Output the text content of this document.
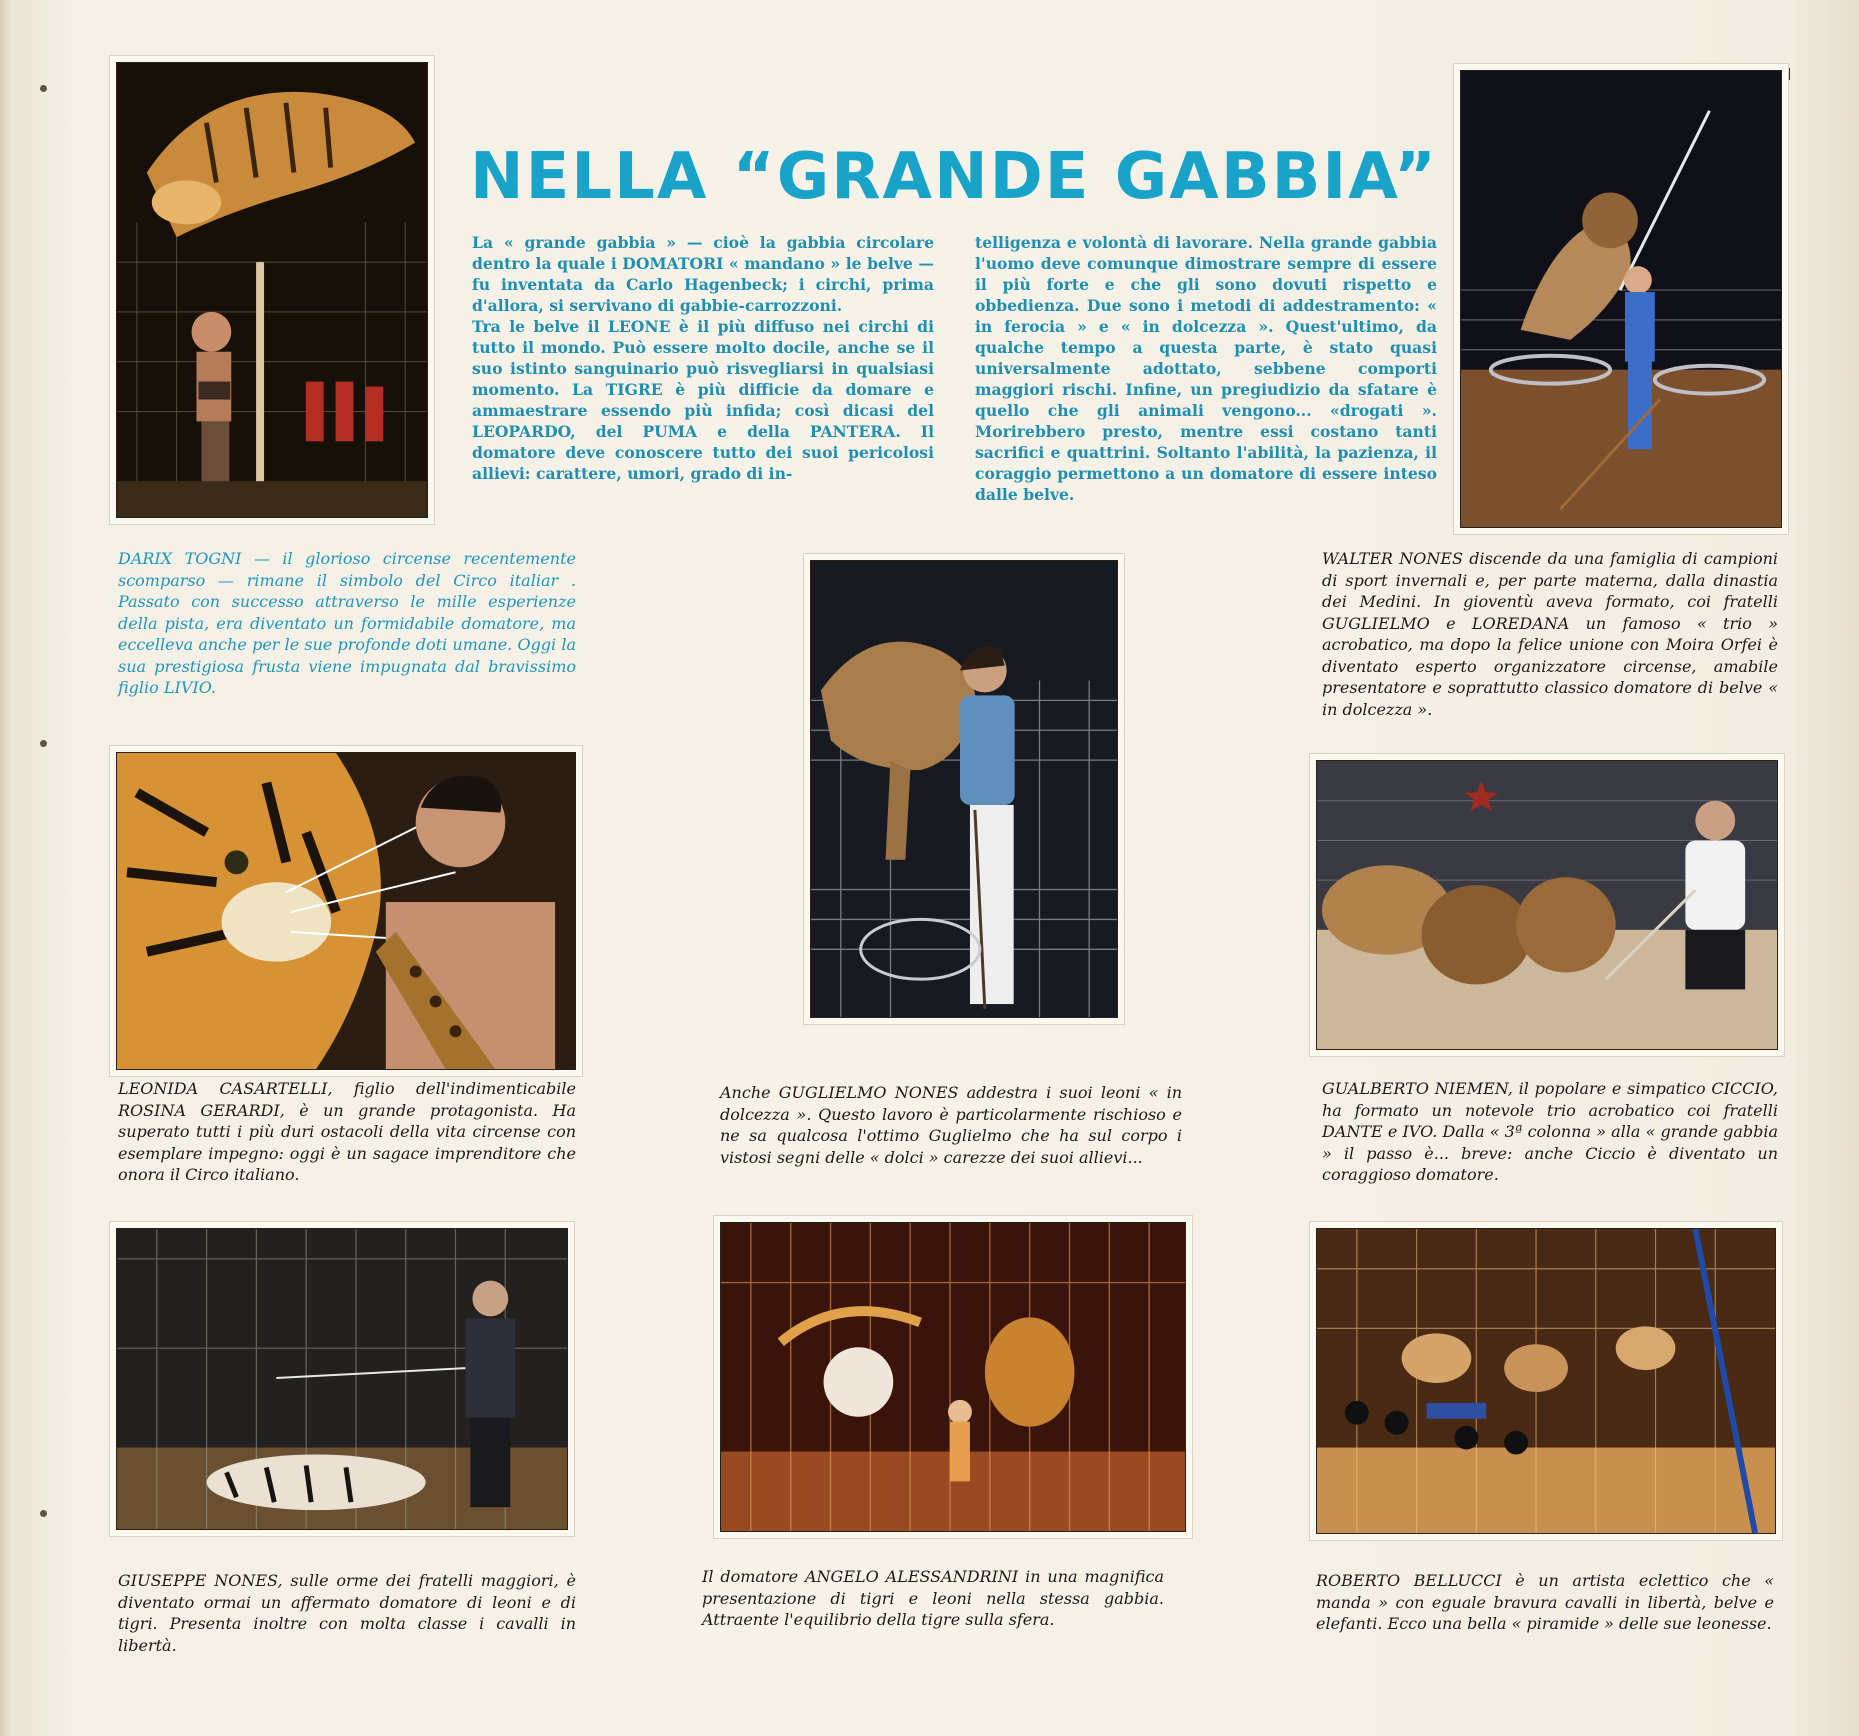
NELLA “GRANDE GABBIA”

La « grande gabbia » — cioè la gabbia circolare dentro la quale i DOMATORI « mandano » le belve — fu inventata da Carlo Hagenbeck; i circhi, prima d'allora, si servivano di gabbie-carrozzoni.

Tra le belve il LEONE è il più diffuso nei circhi di tutto il mondo. Può essere molto docile, anche se il suo istinto sanguinario può risvegliarsi in qualsiasi momento. La TIGRE è più difficie da domare e ammaestrare essendo più infida; così dicasi del LEOPARDO, del PUMA e della PANTERA. Il domatore deve conoscere tutto dei suoi pericolosi allievi: carattere, umori, grado di in-

telligenza e volontà di lavorare. Nella grande gabbia l'uomo deve comunque dimostrare sempre di essere il più forte e che gli sono dovuti rispetto e obbedienza. Due sono i metodi di addestramento: « in ferocia » e « in dolcezza ». Quest'ultimo, da qualche tempo a questa parte, è stato quasi universalmente adottato, sebbene comporti maggiori rischi. Infine, un pregiudizio da sfatare è quello che gli animali vengono... «drogati ». Morirebbero presto, mentre essi costano tanti sacrifici e quattrini. Soltanto l'abilità, la pazienza, il coraggio permettono a un domatore di essere inteso dalle belve.

DARIX TOGNI — il glorioso circense recentemente scomparso — rimane il simbolo del Circo italiar . Passato con successo attraverso le mille esperienze della pista, era diventato un formidabile domatore, ma eccelleva anche per le sue profonde doti umane. Oggi la sua prestigiosa frusta viene impugnata dal bravissimo figlio LIVIO.
WALTER NONES discende da una famiglia di campioni di sport invernali e, per parte materna, dalla dinastia dei Medini. In gioventù aveva formato, coi fratelli GUGLIELMO e LOREDANA un famoso « trio » acrobatico, ma dopo la felice unione con Moira Orfei è diventato esperto organizzatore circense, amabile presentatore e soprattutto classico domatore di belve « in dolcezza ».
LEONIDA CASARTELLI, figlio dell'indimenticabile ROSINA GERARDI, è un grande protagonista. Ha superato tutti i più duri ostacoli della vita circense con esemplare impegno: oggi è un sagace imprenditore che onora il Circo italiano.
Anche GUGLIELMO NONES addestra i suoi leoni « in dolcezza ». Questo lavoro è particolarmente rischioso e ne sa qualcosa l'ottimo Guglielmo che ha sul corpo i vistosi segni delle « dolci » carezze dei suoi allievi...
GUALBERTO NIEMEN, il popolare e simpatico CICCIO, ha formato un notevole trio acrobatico coi fratelli DANTE e IVO. Dalla « 3ª colonna » alla « grande gabbia » il passo è... breve: anche Ciccio è diventato un coraggioso domatore.
GIUSEPPE NONES, sulle orme dei fratelli maggiori, è diventato ormai un affermato domatore di leoni e di tigri. Presenta inoltre con molta classe i cavalli in libertà.
Il domatore ANGELO ALESSANDRINI in una magnifica presentazione di tigri e leoni nella stessa gabbia. Attraente l'equilibrio della tigre sulla sfera.
ROBERTO BELLUCCI è un artista eclettico che « manda » con eguale bravura cavalli in libertà, belve e elefanti. Ecco una bella « piramide » delle sue leonesse.
